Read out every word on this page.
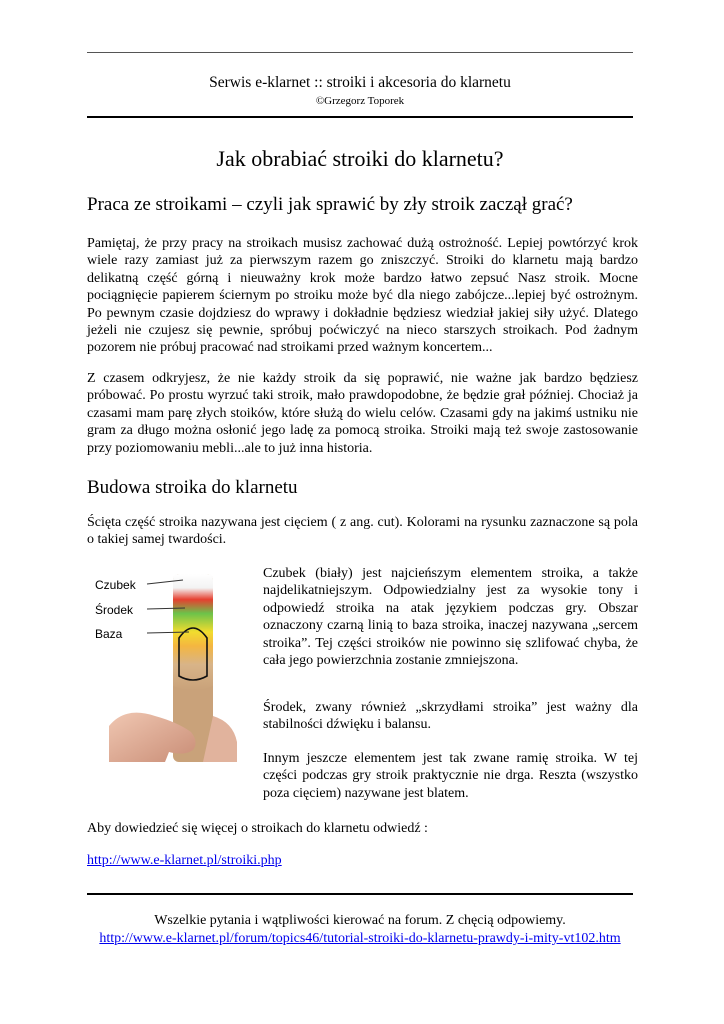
Serwis e-klarnet :: stroiki i akcesoria do klarnetu
©Grzegorz Toporek
Jak obrabiać stroiki do klarnetu?
Praca ze stroikami – czyli jak sprawić by zły stroik zaczął grać?

Pamiętaj, że przy pracy na stroikach musisz zachować dużą ostrożność. Lepiej powtórzyć krok wiele razy zamiast już za pierwszym razem go zniszczyć. Stroiki do klarnetu mają bardzo delikatną część górną i nieuważny krok może bardzo łatwo zepsuć Nasz stroik. Mocne pociągnięcie papierem ściernym po stroiku może być dla niego zabójcze...lepiej być ostrożnym. Po pewnym czasie dojdziesz do wprawy i dokładnie będziesz wiedział jakiej siły użyć. Dlatego jeżeli nie czujesz się pewnie, spróbuj poćwiczyć na nieco starszych stroikach. Pod żadnym pozorem nie próbuj pracować nad stroikami przed ważnym koncertem...

Z czasem odkryjesz, że nie każdy stroik da się poprawić, nie ważne jak bardzo będziesz próbować. Po prostu wyrzuć taki stroik, mało prawdopodobne, że będzie grał później. Chociaż ja czasami mam parę złych stoików, które służą do wielu celów. Czasami gdy na jakimś ustniku nie gram za długo można osłonić jego ladę za pomocą stroika. Stroiki mają też swoje zastosowanie przy poziomowaniu mebli...ale to już inna historia.

Budowa stroika do klarnetu

Ścięta część stroika nazywana jest cięciem ( z ang. cut). Kolorami na rysunku zaznaczone są pola o takiej samej twardości.

Czubek
Środek
Baza

Czubek (biały) jest najcieńszym elementem stroika, a także najdelikatniejszym. Odpowiedzialny jest za wysokie tony i odpowiedź stroika na atak językiem podczas gry. Obszar oznaczony czarną linią to baza stroika, inaczej nazywana „sercem stroika”. Tej części stroików nie powinno się szlifować chyba, że cała jego powierzchnia zostanie zmniejszona.

Środek, zwany również „skrzydłami stroika” jest ważny dla stabilności dźwięku i balansu.

Innym jeszcze elementem jest tak zwane ramię stroika. W tej części podczas gry stroik praktycznie nie drga. Reszta (wszystko poza cięciem) nazywane jest blatem.

Aby dowiedzieć się więcej o stroikach do klarnetu odwiedź :

http://www.e-klarnet.pl/stroiki.php

Wszelkie pytania i wątpliwości kierować na forum. Z chęcią odpowiemy.
http://www.e-klarnet.pl/forum/topics46/tutorial-stroiki-do-klarnetu-prawdy-i-mity-vt102.htm
